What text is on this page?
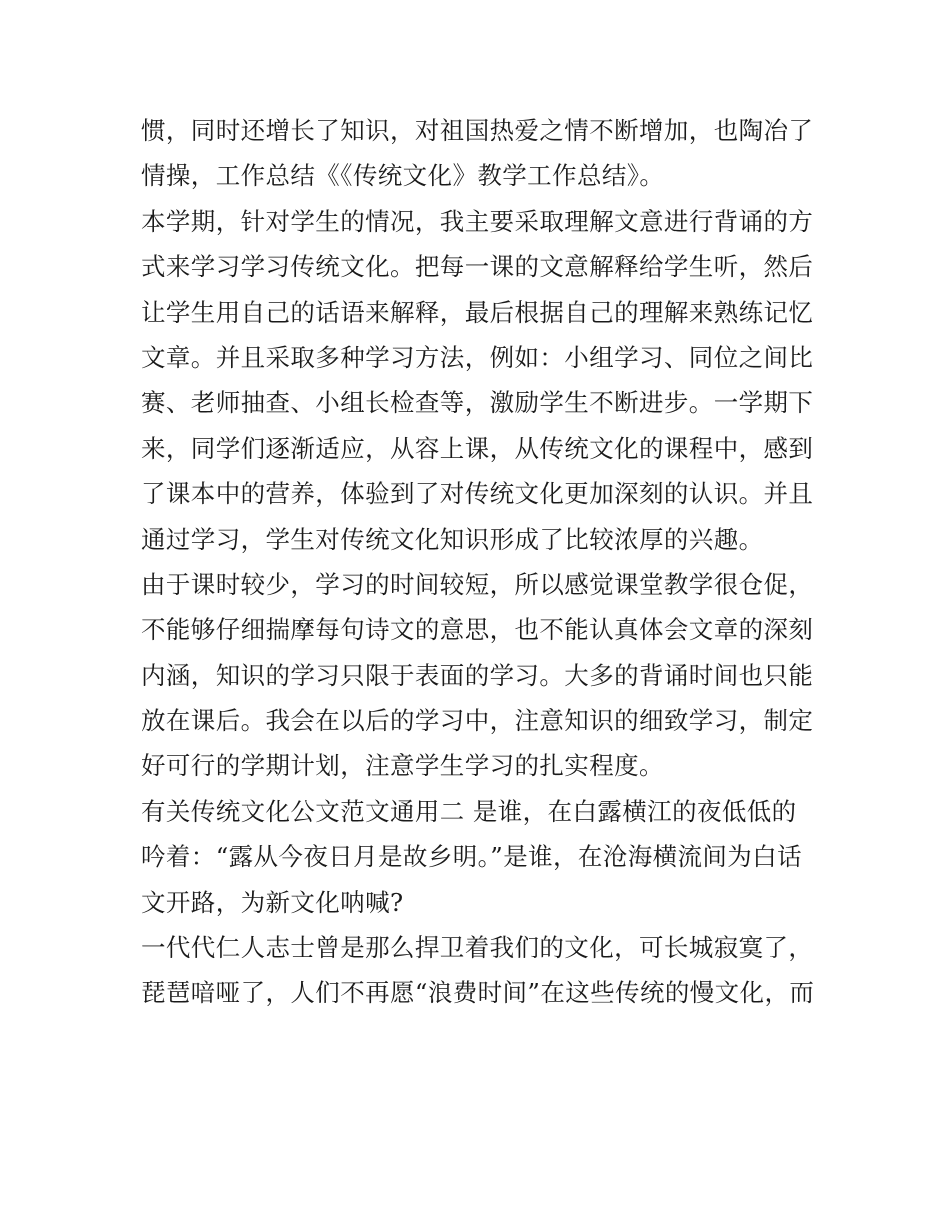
惯，同时还增长了知识，对祖国热爱之情不断增加，也陶冶了
情操，工作总结《《传统文化》教学工作总结》。
本学期，针对学生的情况，我主要采取理解文意进行背诵的方
式来学习学习传统文化。把每一课的文意解释给学生听，然后
让学生用自己的话语来解释，最后根据自己的理解来熟练记忆
文章。并且采取多种学习方法，例如：小组学习、同位之间比
赛、老师抽查、小组长检查等，激励学生不断进步。一学期下
来，同学们逐渐适应，从容上课，从传统文化的课程中，感到
了课本中的营养，体验到了对传统文化更加深刻的认识。并且
通过学习，学生对传统文化知识形成了比较浓厚的兴趣。
由于课时较少，学习的时间较短，所以感觉课堂教学很仓促，
不能够仔细揣摩每句诗文的意思，也不能认真体会文章的深刻
内涵，知识的学习只限于表面的学习。大多的背诵时间也只能
放在课后。我会在以后的学习中，注意知识的细致学习，制定
好可行的学期计划，注意学生学习的扎实程度。
有关传统文化公文范文通用二 是谁，在白露横江的夜低低的
吟着：“露从今夜日月是故乡明。”是谁，在沧海横流间为白话
文开路，为新文化呐喊?
一代代仁人志士曾是那么捍卫着我们的文化，可长城寂寞了，
琵琶喑哑了，人们不再愿“浪费时间”在这些传统的慢文化，而
